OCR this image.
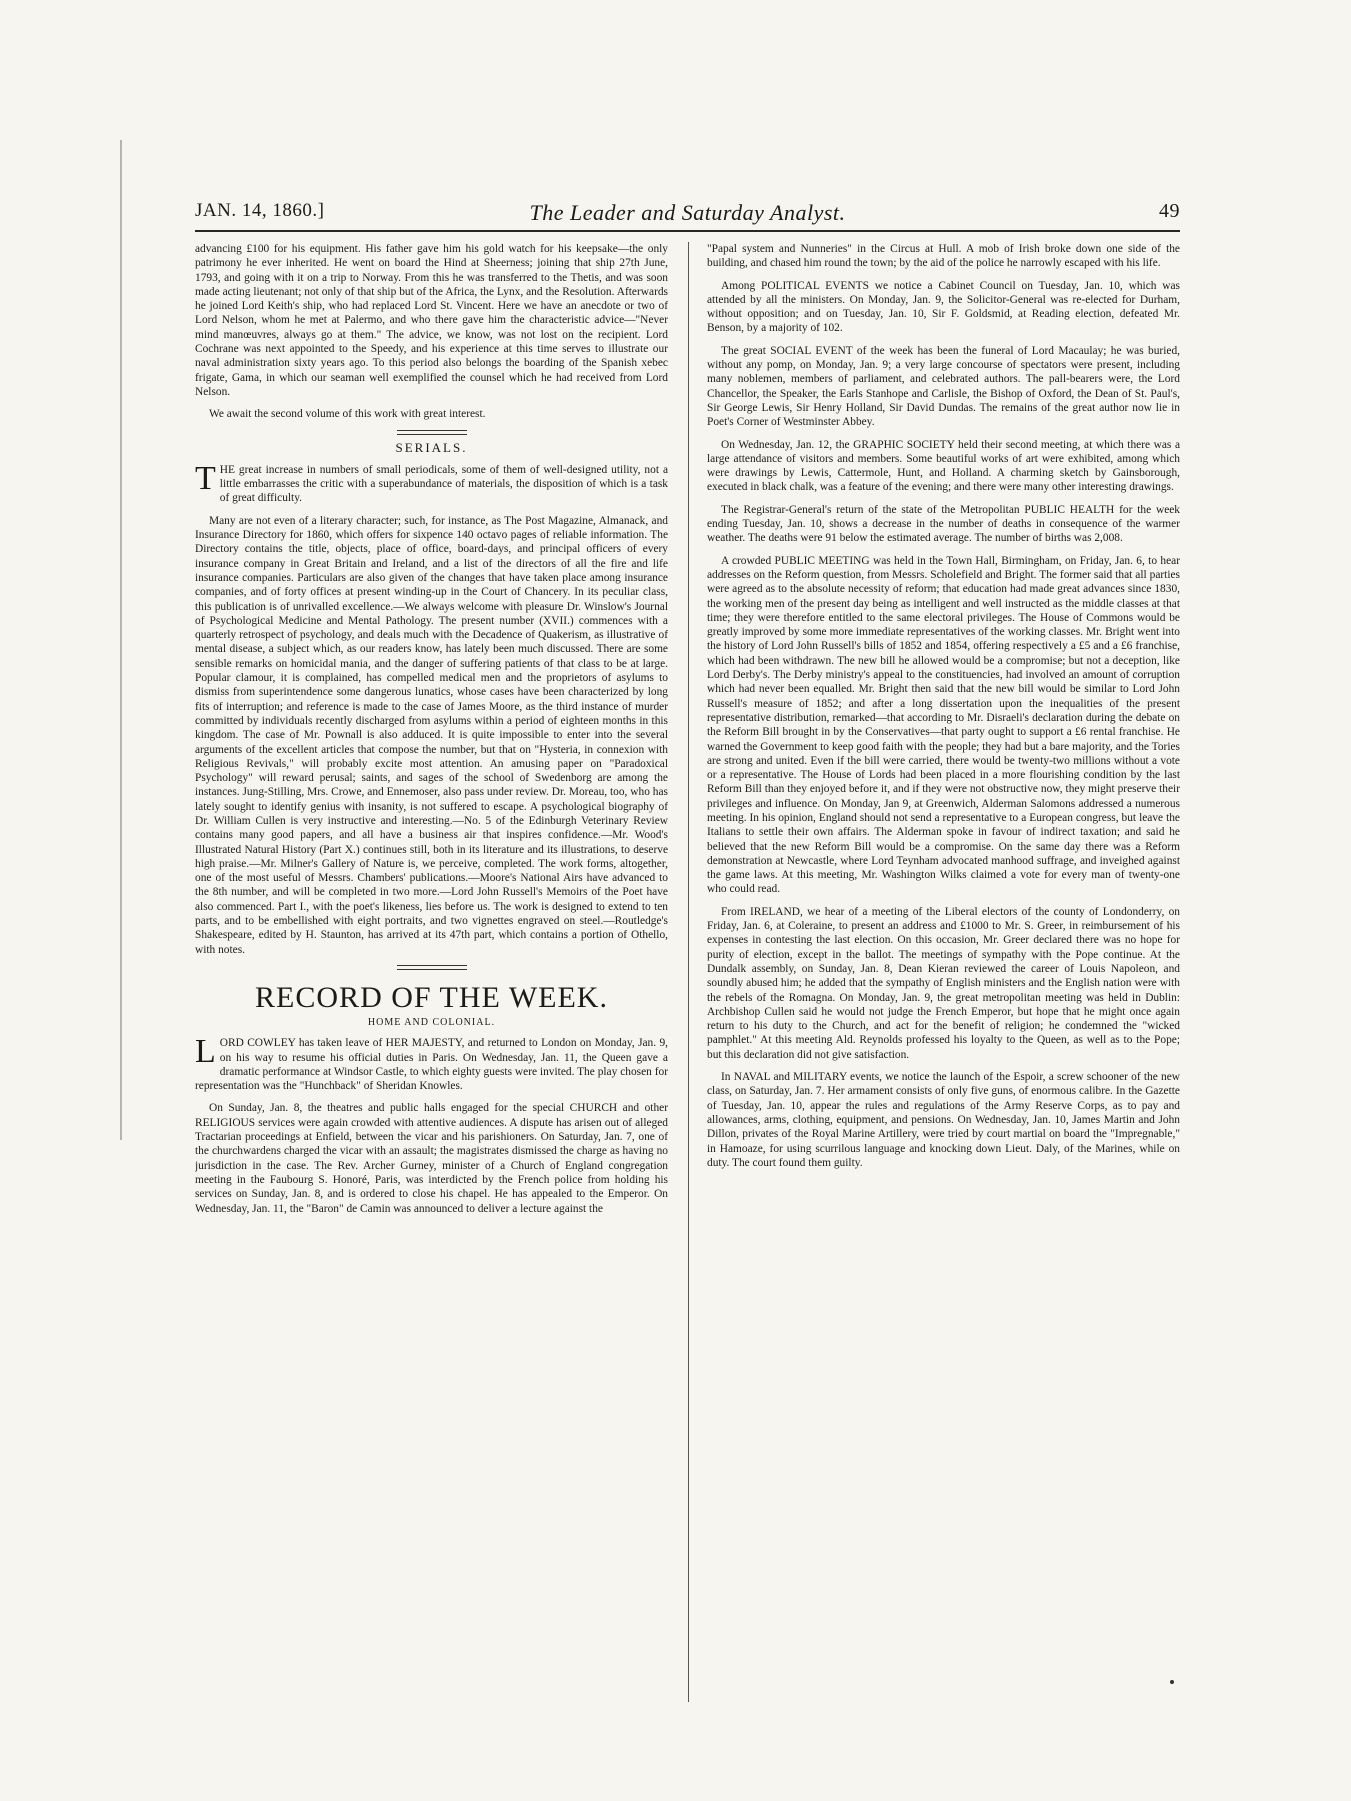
JAN. 14, 1860.]	The Leader and Saturday Analyst.	49

advancing £100 for his equipment. His father gave him his gold watch for his keepsake—the only patrimony he ever inherited. He went on board the Hind at Sheerness; joining that ship 27th June, 1793, and going with it on a trip to Norway. From this he was transferred to the Thetis, and was soon made acting lieutenant; not only of that ship but of the Africa, the Lynx, and the Resolution. Afterwards he joined Lord Keith's ship, who had replaced Lord St. Vincent. Here we have an anecdote or two of Lord Nelson, whom he met at Palermo, and who there gave him the characteristic advice—"Never mind manœuvres, always go at them." The advice, we know, was not lost on the recipient. Lord Cochrane was next appointed to the Speedy, and his experience at this time serves to illustrate our naval administration sixty years ago. To this period also belongs the boarding of the Spanish xebec frigate, Gama, in which our seaman well exemplified the counsel which he had received from Lord Nelson.

We await the second volume of this work with great interest.

SERIALS.

THE great increase in numbers of small periodicals, some of them of well-designed utility, not a little embarrasses the critic with a superabundance of materials, the disposition of which is a task of great difficulty.

Many are not even of a literary character; such, for instance, as The Post Magazine, Almanack, and Insurance Directory for 1860, which offers for sixpence 140 octavo pages of reliable information. The Directory contains the title, objects, place of office, board-days, and principal officers of every insurance company in Great Britain and Ireland, and a list of the directors of all the fire and life insurance companies. Particulars are also given of the changes that have taken place among insurance companies, and of forty offices at present winding-up in the Court of Chancery. In its peculiar class, this publication is of unrivalled excellence.—We always welcome with pleasure Dr. Winslow's Journal of Psychological Medicine and Mental Pathology. The present number (XVII.) commences with a quarterly retrospect of psychology, and deals much with the Decadence of Quakerism, as illustrative of mental disease, a subject which, as our readers know, has lately been much discussed. There are some sensible remarks on homicidal mania, and the danger of suffering patients of that class to be at large. Popular clamour, it is complained, has compelled medical men and the proprietors of asylums to dismiss from superintendence some dangerous lunatics, whose cases have been characterized by long fits of interruption; and reference is made to the case of James Moore, as the third instance of murder committed by individuals recently discharged from asylums within a period of eighteen months in this kingdom. The case of Mr. Pownall is also adduced. It is quite impossible to enter into the several arguments of the excellent articles that compose the number, but that on "Hysteria, in connexion with Religious Revivals," will probably excite most attention. An amusing paper on "Paradoxical Psychology" will reward perusal; saints, and sages of the school of Swedenborg are among the instances. Jung-Stilling, Mrs. Crowe, and Ennemoser, also pass under review. Dr. Moreau, too, who has lately sought to identify genius with insanity, is not suffered to escape. A psychological biography of Dr. William Cullen is very instructive and interesting.—No. 5 of the Edinburgh Veterinary Review contains many good papers, and all have a business air that inspires confidence.—Mr. Wood's Illustrated Natural History (Part X.) continues still, both in its literature and its illustrations, to deserve high praise.—Mr. Milner's Gallery of Nature is, we perceive, completed. The work forms, altogether, one of the most useful of Messrs. Chambers' publications.—Moore's National Airs have advanced to the 8th number, and will be completed in two more.—Lord John Russell's Memoirs of the Poet have also commenced. Part I., with the poet's likeness, lies before us. The work is designed to extend to ten parts, and to be embellished with eight portraits, and two vignettes engraved on steel.—Routledge's Shakespeare, edited by H. Staunton, has arrived at its 47th part, which contains a portion of Othello, with notes.

RECORD OF THE WEEK.
HOME AND COLONIAL.

LORD COWLEY has taken leave of HER MAJESTY, and returned to London on Monday, Jan. 9, on his way to resume his official duties in Paris. On Wednesday, Jan. 11, the Queen gave a dramatic performance at Windsor Castle, to which eighty guests were invited. The play chosen for representation was the "Hunchback" of Sheridan Knowles.

On Sunday, Jan. 8, the theatres and public halls engaged for the special CHURCH and other RELIGIOUS services were again crowded with attentive audiences. A dispute has arisen out of alleged Tractarian proceedings at Enfield, between the vicar and his parishioners. On Saturday, Jan. 7, one of the churchwardens charged the vicar with an assault; the magistrates dismissed the charge as having no jurisdiction in the case. The Rev. Archer Gurney, minister of a Church of England congregation meeting in the Faubourg S. Honoré, Paris, was interdicted by the French police from holding his services on Sunday, Jan. 8, and is ordered to close his chapel. He has appealed to the Emperor. On Wednesday, Jan. 11, the "Baron" de Camin was announced to deliver a lecture against the

"Papal system and Nunneries" in the Circus at Hull. A mob of Irish broke down one side of the building, and chased him round the town; by the aid of the police he narrowly escaped with his life.

Among POLITICAL EVENTS we notice a Cabinet Council on Tuesday, Jan. 10, which was attended by all the ministers. On Monday, Jan. 9, the Solicitor-General was re-elected for Durham, without opposition; and on Tuesday, Jan. 10, Sir F. Goldsmid, at Reading election, defeated Mr. Benson, by a majority of 102.

The great SOCIAL EVENT of the week has been the funeral of Lord Macaulay; he was buried, without any pomp, on Monday, Jan. 9; a very large concourse of spectators were present, including many noblemen, members of parliament, and celebrated authors. The pall-bearers were, the Lord Chancellor, the Speaker, the Earls Stanhope and Carlisle, the Bishop of Oxford, the Dean of St. Paul's, Sir George Lewis, Sir Henry Holland, Sir David Dundas. The remains of the great author now lie in Poet's Corner of Westminster Abbey.

On Wednesday, Jan. 12, the GRAPHIC SOCIETY held their second meeting, at which there was a large attendance of visitors and members. Some beautiful works of art were exhibited, among which were drawings by Lewis, Cattermole, Hunt, and Holland. A charming sketch by Gainsborough, executed in black chalk, was a feature of the evening; and there were many other interesting drawings.

The Registrar-General's return of the state of the Metropolitan PUBLIC HEALTH for the week ending Tuesday, Jan. 10, shows a decrease in the number of deaths in consequence of the warmer weather. The deaths were 91 below the estimated average. The number of births was 2,008.

A crowded PUBLIC MEETING was held in the Town Hall, Birmingham, on Friday, Jan. 6, to hear addresses on the Reform question, from Messrs. Scholefield and Bright. The former said that all parties were agreed as to the absolute necessity of reform; that education had made great advances since 1830, the working men of the present day being as intelligent and well instructed as the middle classes at that time; they were therefore entitled to the same electoral privileges. The House of Commons would be greatly improved by some more immediate representatives of the working classes. Mr. Bright went into the history of Lord John Russell's bills of 1852 and 1854, offering respectively a £5 and a £6 franchise, which had been withdrawn. The new bill he allowed would be a compromise; but not a deception, like Lord Derby's. The Derby ministry's appeal to the constituencies, had involved an amount of corruption which had never been equalled. Mr. Bright then said that the new bill would be similar to Lord John Russell's measure of 1852; and after a long dissertation upon the inequalities of the present representative distribution, remarked—that according to Mr. Disraeli's declaration during the debate on the Reform Bill brought in by the Conservatives—that party ought to support a £6 rental franchise. He warned the Government to keep good faith with the people; they had but a bare majority, and the Tories are strong and united. Even if the bill were carried, there would be twenty-two millions without a vote or a representative. The House of Lords had been placed in a more flourishing condition by the last Reform Bill than they enjoyed before it, and if they were not obstructive now, they might preserve their privileges and influence. On Monday, Jan 9, at Greenwich, Alderman Salomons addressed a numerous meeting. In his opinion, England should not send a representative to a European congress, but leave the Italians to settle their own affairs. The Alderman spoke in favour of indirect taxation; and said he believed that the new Reform Bill would be a compromise. On the same day there was a Reform demonstration at Newcastle, where Lord Teynham advocated manhood suffrage, and inveighed against the game laws. At this meeting, Mr. Washington Wilks claimed a vote for every man of twenty-one who could read.

From IRELAND, we hear of a meeting of the Liberal electors of the county of Londonderry, on Friday, Jan. 6, at Coleraine, to present an address and £1000 to Mr. S. Greer, in reimbursement of his expenses in contesting the last election. On this occasion, Mr. Greer declared there was no hope for purity of election, except in the ballot. The meetings of sympathy with the Pope continue. At the Dundalk assembly, on Sunday, Jan. 8, Dean Kieran reviewed the career of Louis Napoleon, and soundly abused him; he added that the sympathy of English ministers and the English nation were with the rebels of the Romagna. On Monday, Jan. 9, the great metropolitan meeting was held in Dublin: Archbishop Cullen said he would not judge the French Emperor, but hope that he might once again return to his duty to the Church, and act for the benefit of religion; he condemned the "wicked pamphlet." At this meeting Ald. Reynolds professed his loyalty to the Queen, as well as to the Pope; but this declaration did not give satisfaction.

In NAVAL and MILITARY events, we notice the launch of the Espoir, a screw schooner of the new class, on Saturday, Jan. 7. Her armament consists of only five guns, of enormous calibre. In the Gazette of Tuesday, Jan. 10, appear the rules and regulations of the Army Reserve Corps, as to pay and allowances, arms, clothing, equipment, and pensions. On Wednesday, Jan. 10, James Martin and John Dillon, privates of the Royal Marine Artillery, were tried by court martial on board the "Impregnable," in Hamoaze, for using scurrilous language and knocking down Lieut. Daly, of the Marines, while on duty. The court found them guilty.
